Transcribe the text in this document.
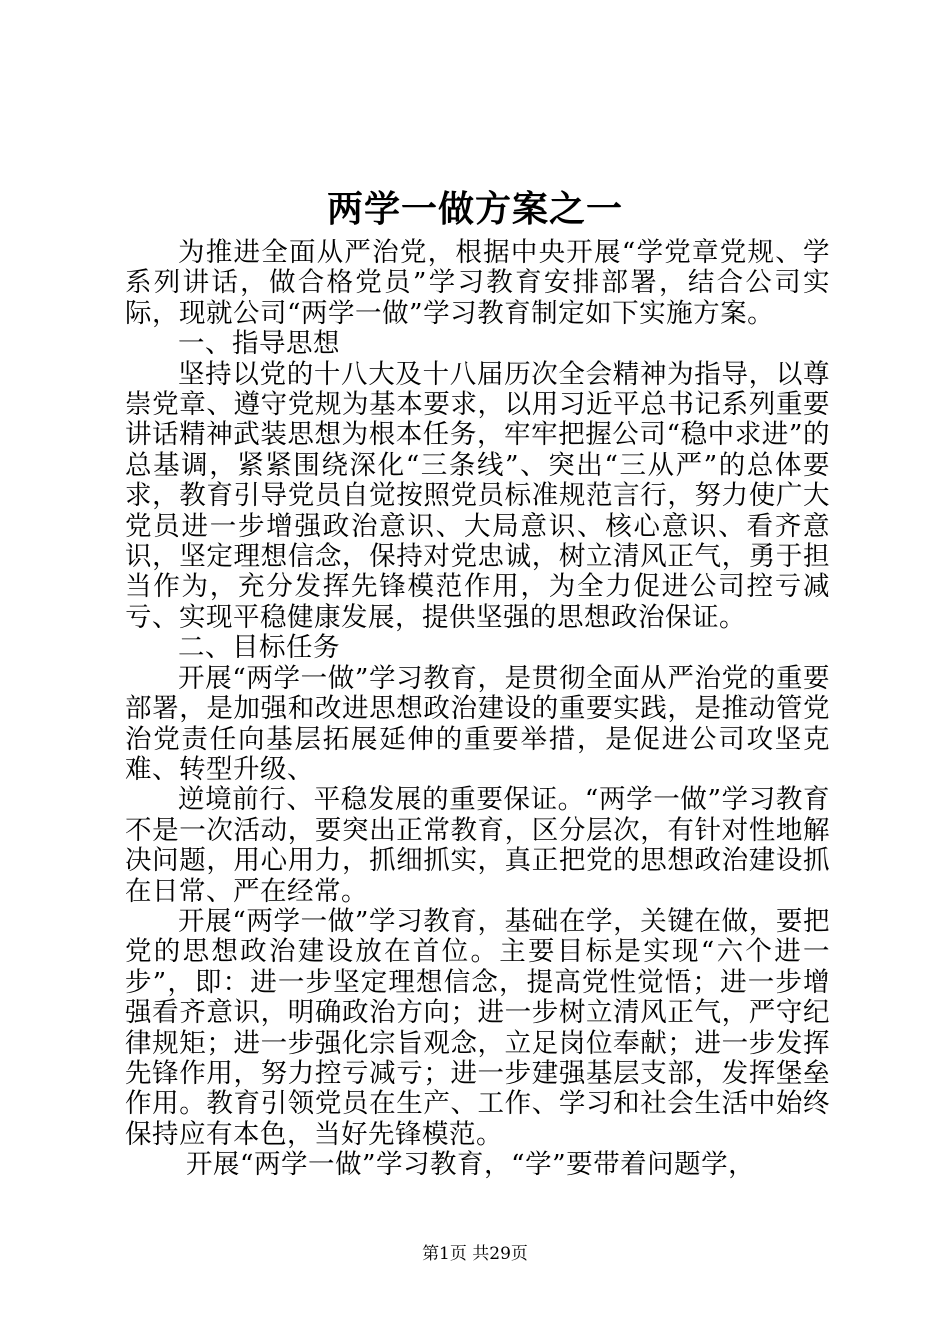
两学一做方案之一

为推进全面从严治党，根据中央开展“学党章党规、学系列讲话，做合格党员”学习教育安排部署，结合公司实际，现就公司“两学一做”学习教育制定如下实施方案。

一、指导思想

坚持以党的十八大及十八届历次全会精神为指导，以尊崇党章、遵守党规为基本要求，以用习近平总书记系列重要讲话精神武装思想为根本任务，牢牢把握公司“稳中求进”的总基调，紧紧围绕深化“三条线”、突出“三从严”的总体要求，教育引导党员自觉按照党员标准规范言行，努力使广大党员进一步增强政治意识、大局意识、核心意识、看齐意识，坚定理想信念，保持对党忠诚，树立清风正气，勇于担当作为，充分发挥先锋模范作用，为全力促进公司控亏减亏、实现平稳健康发展，提供坚强的思想政治保证。

二、目标任务

开展“两学一做”学习教育，是贯彻全面从严治党的重要部署，是加强和改进思想政治建设的重要实践，是推动管党治党责任向基层拓展延伸的重要举措，是促进公司攻坚克难、转型升级、

逆境前行、平稳发展的重要保证。“两学一做”学习教育不是一次活动，要突出正常教育，区分层次，有针对性地解决问题，用心用力，抓细抓实，真正把党的思想政治建设抓在日常、严在经常。

开展“两学一做”学习教育，基础在学，关键在做，要把党的思想政治建设放在首位。主要目标是实现“六个进一步”，即：进一步坚定理想信念，提高党性觉悟；进一步增强看齐意识，明确政治方向；进一步树立清风正气，严守纪律规矩；进一步强化宗旨观念，立足岗位奉献；进一步发挥先锋作用，努力控亏减亏；进一步建强基层支部，发挥堡垒作用。教育引领党员在生产、工作、学习和社会生活中始终保持应有本色，当好先锋模范。

开展“两学一做”学习教育，“学”要带着问题学，

第1页 共29页
